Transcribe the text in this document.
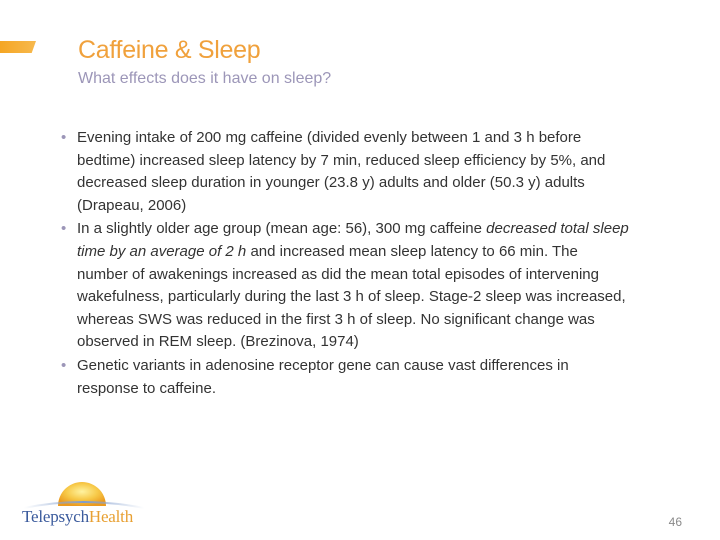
Caffeine & Sleep
What effects does it have on sleep?
• Evening intake of 200 mg caffeine (divided evenly between 1 and 3 h before bedtime) increased sleep latency by 7 min, reduced sleep efficiency by 5%, and decreased sleep duration in younger (23.8 y) adults and older (50.3 y) adults (Drapeau, 2006)
• In a slightly older age group (mean age: 56), 300 mg caffeine decreased total sleep time by an average of 2 h and increased mean sleep latency to 66 min. The number of awakenings increased as did the mean total episodes of intervening wakefulness, particularly during the last 3 h of sleep. Stage-2 sleep was increased, whereas SWS was reduced in the first 3 h of sleep. No significant change was observed in REM sleep. (Brezinova, 1974)
• Genetic variants in adenosine receptor gene can cause vast differences in response to caffeine.
TelepsychHealth	46
